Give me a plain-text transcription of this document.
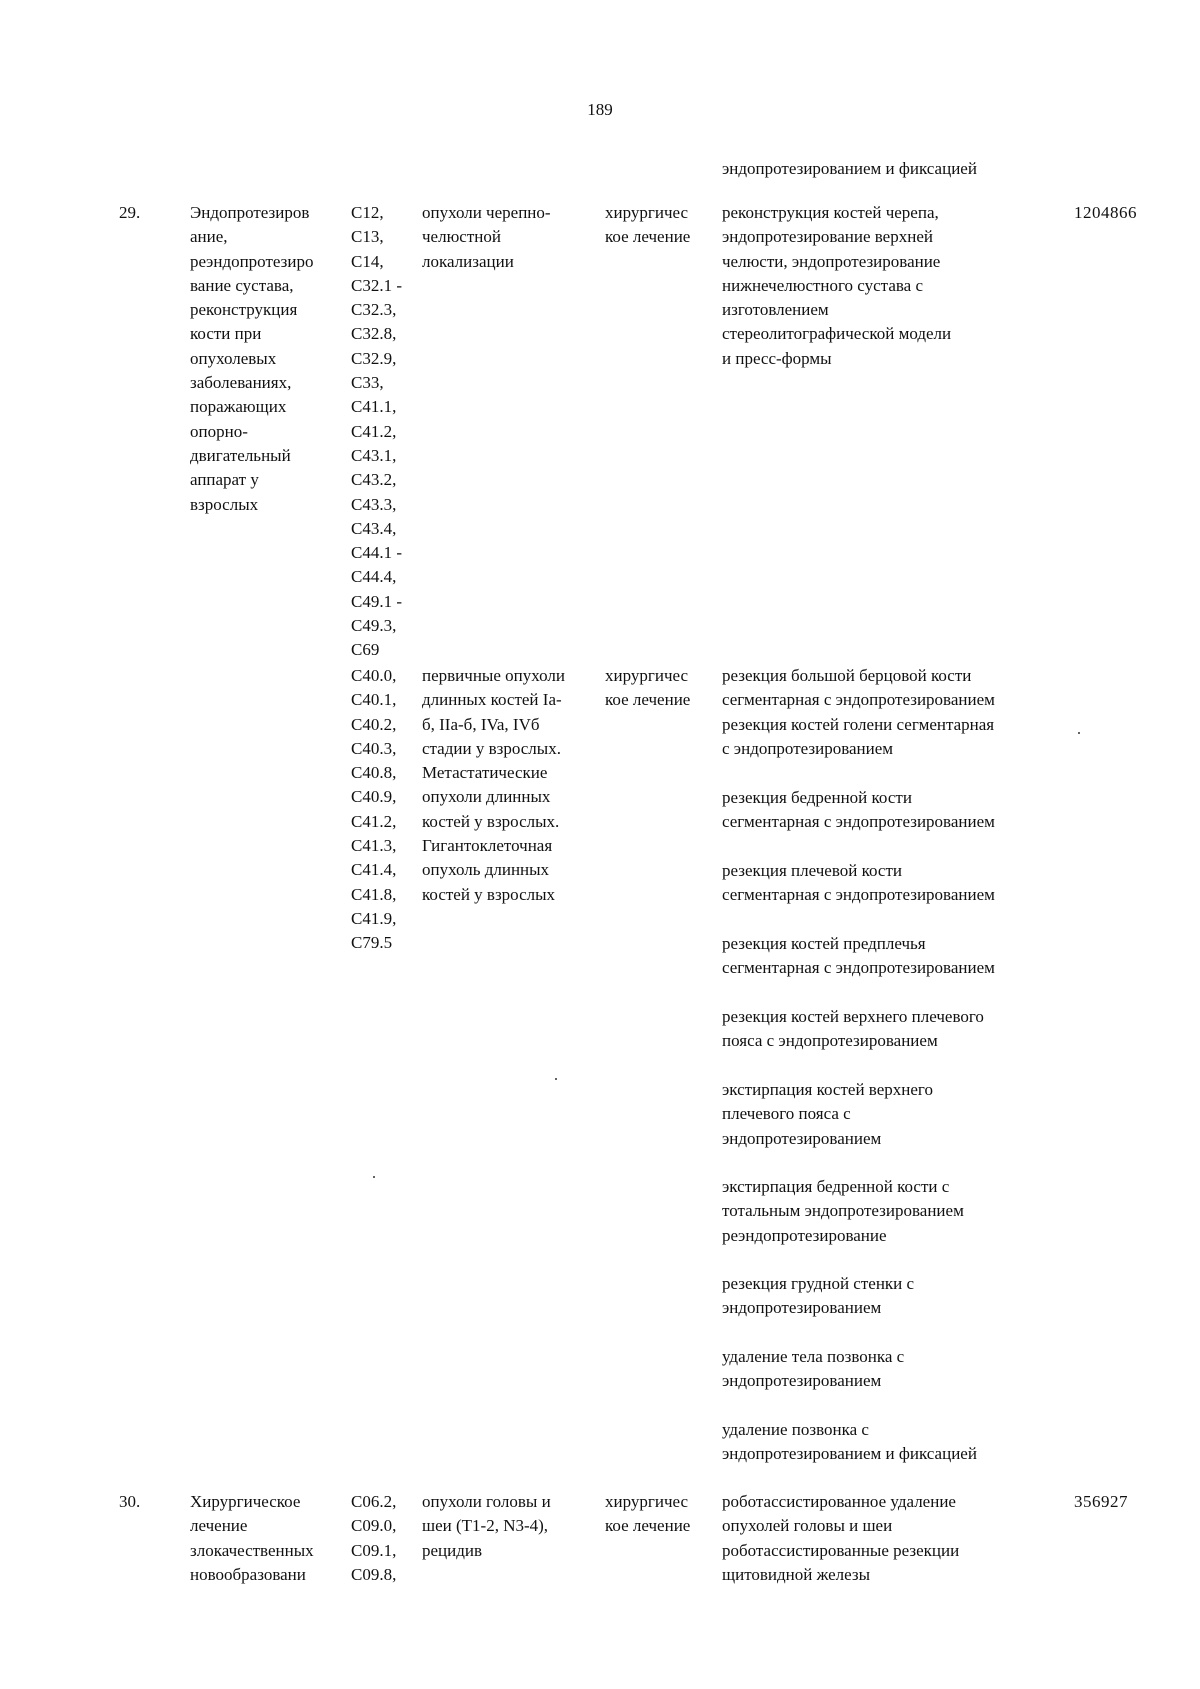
189
эндопротезированием и фиксацией
29.	Эндопротезиров
ание,
реэндопротезиро
вание сустава,
реконструкция
кости при
опухолевых
заболеваниях,
поражающих
опорно-
двигательный
аппарат у
взрослых
C12,
C13,
C14,
C32.1 -
C32.3,
C32.8,
C32.9,
C33,
C41.1,
C41.2,
C43.1,
C43.2,
C43.3,
C43.4,
C44.1 -
C44.4,
C49.1 -
C49.3,
C69
опухоли черепно-
челюстной
локализации
хирургичес
кое лечение
реконструкция костей черепа,
эндопротезирование верхней
челюсти, эндопротезирование
нижнечелюстного сустава с
изготовлением
стереолитографической модели
и пресс-формы
1204866
C40.0,
C40.1,
C40.2,
C40.3,
C40.8,
C40.9,
C41.2,
C41.3,
C41.4,
C41.8,
C41.9,
C79.5
первичные опухоли
длинных костей Ia-
б, IIa-б, IVa, IVб
стадии у взрослых.
Метастатические
опухоли длинных
костей у взрослых.
Гигантоклеточная
опухоль длинных
костей у взрослых
хирургичес
кое лечение
резекция большой берцовой кости
сегментарная с эндопротезированием
резекция костей голени сегментарная
с эндопротезированием
резекция бедренной кости
сегментарная с эндопротезированием
резекция плечевой кости
сегментарная с эндопротезированием
резекция костей предплечья
сегментарная с эндопротезированием
резекция костей верхнего плечевого
пояса с эндопротезированием
экстирпация костей верхнего
плечевого пояса с
эндопротезированием
экстирпация бедренной кости с
тотальным эндопротезированием
реэндопротезирование
резекция грудной стенки с
эндопротезированием
удаление тела позвонка с
эндопротезированием
удаление позвонка с
эндопротезированием и фиксацией
30.	Хирургическое
лечение
злокачественных
новообразовани
C06.2,
C09.0,
C09.1,
C09.8,
опухоли головы и
шеи (T1-2, N3-4),
рецидив
хирургичес
кое лечение
роботассистированное удаление
опухолей головы и шеи
роботассистированные резекции
щитовидной железы
356927
